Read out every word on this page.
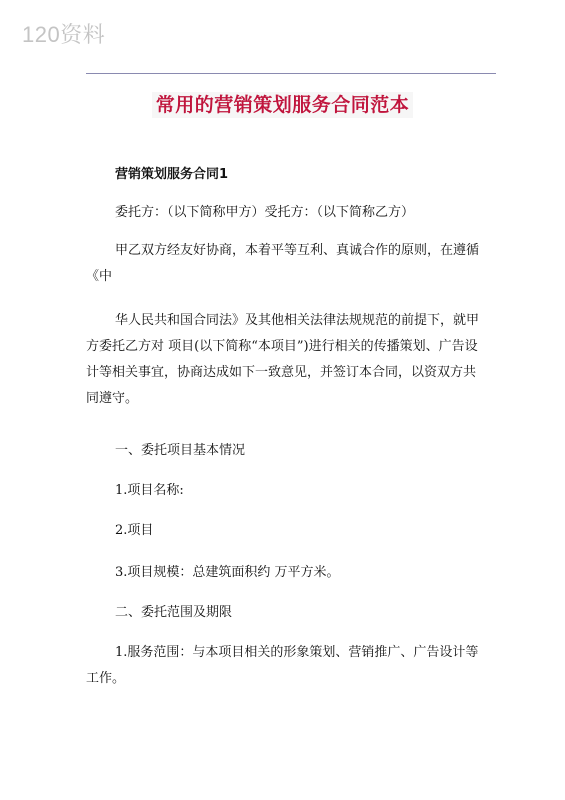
120资料
常用的营销策划服务合同范本
营销策划服务合同1

委托方：（以下简称甲方）受托方：（以下简称乙方）

甲乙双方经友好协商，本着平等互利、真诚合作的原则，在遵循《中

华人民共和国合同法》及其他相关法律法规规范的前提下，就甲方委托乙方对 项目(以下简称“本项目”)进行相关的传播策划、广告设计等相关事宜，协商达成如下一致意见，并签订本合同，以资双方共同遵守。

一、委托项目基本情况

1.项目名称:

2.项目

3.项目规模：总建筑面积约 万平方米。

二、委托范围及期限

1.服务范围：与本项目相关的形象策划、营销推广、广告设计等工作。
